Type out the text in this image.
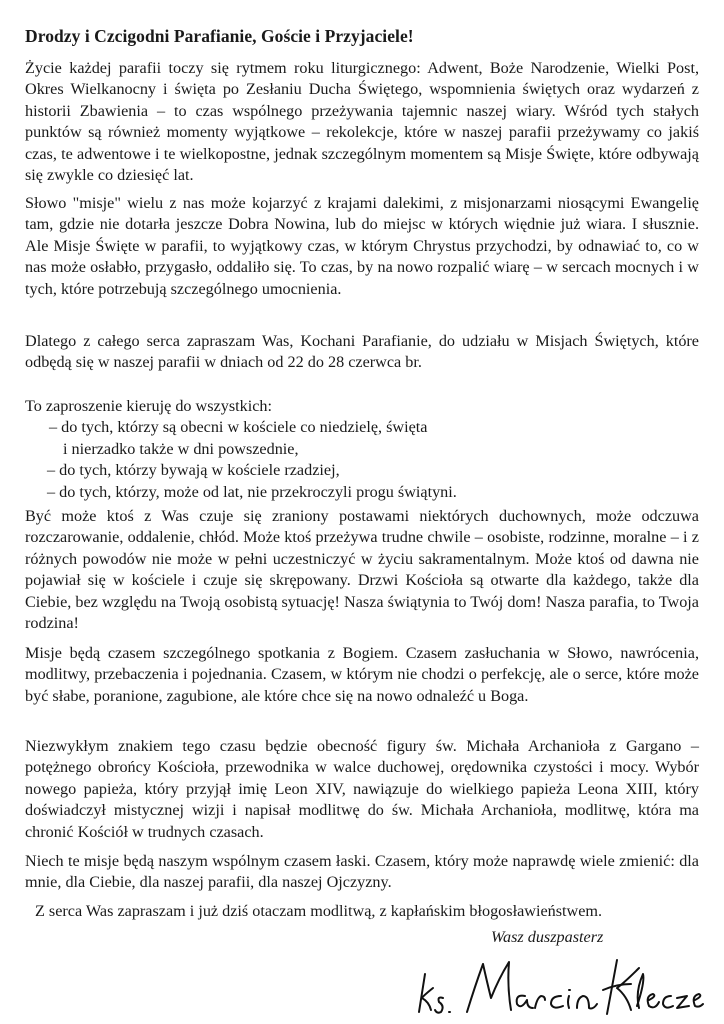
Drodzy i Czcigodni Parafianie, Goście i Przyjaciele!
Życie każdej parafii toczy się rytmem roku liturgicznego: Adwent, Boże Narodzenie, Wielki Post, Okres Wielkanocny i święta po Zesłaniu Ducha Świętego, wspomnienia świętych oraz wydarzeń z historii Zbawienia – to czas wspólnego przeżywania tajemnic naszej wiary. Wśród tych stałych punktów są również momenty wyjątkowe – rekolekcje, które w naszej parafii przeżywamy co jakiś czas, te adwentowe i te wielkopostne, jednak szczególnym momentem są Misje Święte, które odbywają się zwykle co dziesięć lat.
Słowo "misje" wielu z nas może kojarzyć z krajami dalekimi, z misjonarzami niosącymi Ewangelię tam, gdzie nie dotarła jeszcze Dobra Nowina, lub do miejsc w których więdnie już wiara. I słusznie. Ale Misje Święte w parafii, to wyjątkowy czas, w którym Chrystus przychodzi, by odnawiać to, co w nas może osłabło, przygasło, oddaliło się. To czas, by na nowo rozpalić wiarę – w sercach mocnych i w tych, które potrzebują szczególnego umocnienia.
Dlatego z całego serca zapraszam Was, Kochani Parafianie, do udziału w Misjach Świętych, które odbędą się w naszej parafii w dniach od 22 do 28 czerwca br.
To zaproszenie kieruję do wszystkich:
– do tych, którzy są obecni w kościele co niedzielę, święta
i nierzadko także w dni powszednie,
– do tych, którzy bywają w kościele rzadziej,
– do tych, którzy, może od lat, nie przekroczyli progu świątyni.
Być może ktoś z Was czuje się zraniony postawami niektórych duchownych, może odczuwa rozczarowanie, oddalenie, chłód. Może ktoś przeżywa trudne chwile – osobiste, rodzinne, moralne – i z różnych powodów nie może w pełni uczestniczyć w życiu sakramentalnym. Może ktoś od dawna nie pojawiał się w kościele i czuje się skrępowany. Drzwi Kościoła są otwarte dla każdego, także dla Ciebie, bez względu na Twoją osobistą sytuację! Nasza świątynia to Twój dom! Nasza parafia, to Twoja rodzina!
Misje będą czasem szczególnego spotkania z Bogiem. Czasem zasłuchania w Słowo, nawrócenia, modlitwy, przebaczenia i pojednania. Czasem, w którym nie chodzi o perfekcję, ale o serce, które może być słabe, poranione, zagubione, ale które chce się na nowo odnaleźć u Boga.
Niezwykłym znakiem tego czasu będzie obecność figury św. Michała Archanioła z Gargano – potężnego obrońcy Kościoła, przewodnika w walce duchowej, orędownika czystości i mocy. Wybór nowego papieża, który przyjął imię Leon XIV, nawiązuje do wielkiego papieża Leona XIII, który doświadczył mistycznej wizji i napisał modlitwę do św. Michała Archanioła, modlitwę, która ma chronić Kościół w trudnych czasach.
Niech te misje będą naszym wspólnym czasem łaski. Czasem, który może naprawdę wiele zmienić: dla mnie, dla Ciebie, dla naszej parafii, dla naszej Ojczyzny.
Z serca Was zapraszam i już dziś otaczam modlitwą, z kapłańskim błogosławieństwem.
Wasz duszpasterz
